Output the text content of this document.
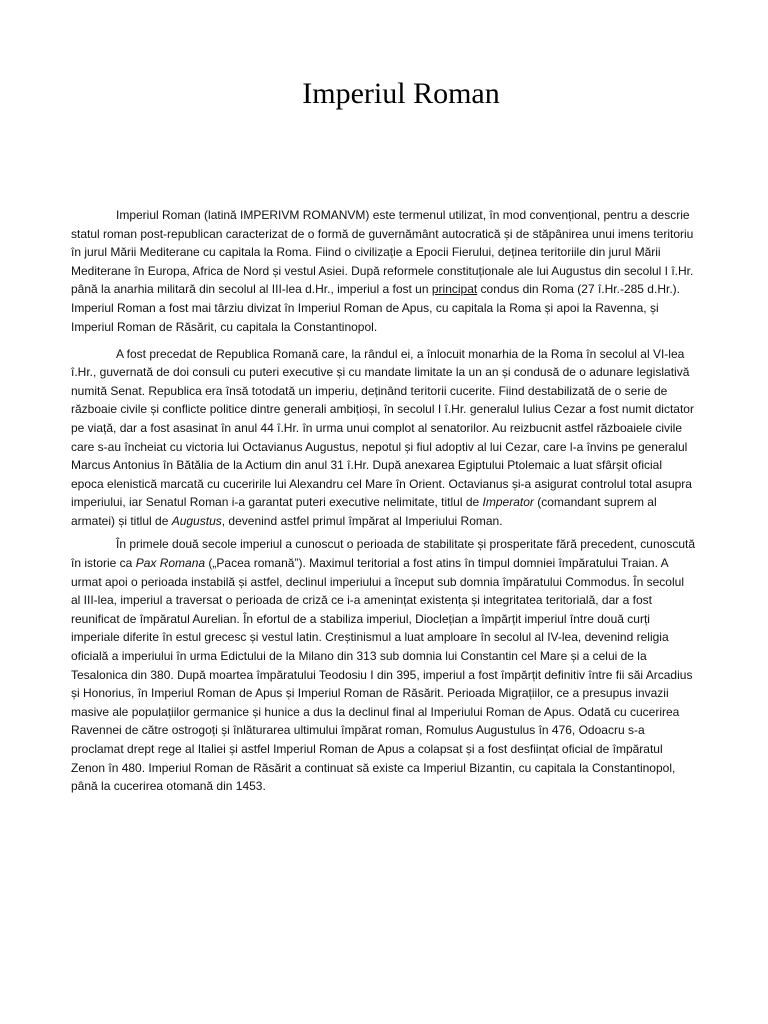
Imperiul Roman

Imperiul Roman (latină IMPERIVM ROMANVM) este termenul utilizat, în mod convențional, pentru a descrie statul roman post-republican caracterizat de o formă de guvernământ autocratică și de stăpânirea unui imens teritoriu în jurul Mării Mediterane cu capitala la Roma. Fiind o civilizație a Epocii Fierului, deținea teritoriile din jurul Mării Mediterane în Europa, Africa de Nord și vestul Asiei. După reformele constituționale ale lui Augustus din secolul I î.Hr. până la anarhia militară din secolul al III-lea d.Hr., imperiul a fost un principat condus din Roma (27 î.Hr.-285 d.Hr.). Imperiul Roman a fost mai târziu divizat în Imperiul Roman de Apus, cu capitala la Roma și apoi la Ravenna, și Imperiul Roman de Răsărit, cu capitala la Constantinopol.

A fost precedat de Republica Romană care, la rândul ei, a înlocuit monarhia de la Roma în secolul al VI-lea î.Hr., guvernată de doi consuli cu puteri executive și cu mandate limitate la un an și condusă de o adunare legislativă numită Senat. Republica era însă totodată un imperiu, deținând teritorii cucerite. Fiind destabilizată de o serie de războaie civile și conflicte politice dintre generali ambițioși, în secolul I î.Hr. generalul Iulius Cezar a fost numit dictator pe viață, dar a fost asasinat în anul 44 î.Hr. în urma unui complot al senatorilor. Au reizbucnit astfel războaiele civile care s-au încheiat cu victoria lui Octavianus Augustus, nepotul și fiul adoptiv al lui Cezar, care l-a învins pe generalul Marcus Antonius în Bătălia de la Actium din anul 31 î.Hr. După anexarea Egiptului Ptolemaic a luat sfârșit oficial epoca elenistică marcată cu cuceririle lui Alexandru cel Mare în Orient. Octavianus și-a asigurat controlul total asupra imperiului, iar Senatul Roman i-a garantat puteri executive nelimitate, titlul de Imperator (comandant suprem al armatei) și titlul de Augustus, devenind astfel primul împărat al Imperiului Roman.

În primele două secole imperiul a cunoscut o perioada de stabilitate și prosperitate fără precedent, cunoscută în istorie ca Pax Romana („Pacea romană”). Maximul teritorial a fost atins în timpul domniei împăratului Traian. A urmat apoi o perioada instabilă și astfel, declinul imperiului a început sub domnia împăratului Commodus. În secolul al III-lea, imperiul a traversat o perioada de criză ce i-a amenințat existența și integritatea teritorială, dar a fost reunificat de împăratul Aurelian. În efortul de a stabiliza imperiul, Dioclețian a împărțit imperiul între două curți imperiale diferite în estul grecesc și vestul latin. Creștinismul a luat amploare în secolul al IV-lea, devenind religia oficială a imperiului în urma Edictului de la Milano din 313 sub domnia lui Constantin cel Mare și a celui de la Tesalonica din 380. După moartea împăratului Teodosiu I din 395, imperiul a fost împărțit definitiv între fii săi Arcadius și Honorius, în Imperiul Roman de Apus și Imperiul Roman de Răsărit. Perioada Migrațiilor, ce a presupus invazii masive ale populațiilor germanice și hunice a dus la declinul final al Imperiului Roman de Apus. Odată cu cucerirea Ravennei de către ostrogoți și înlăturarea ultimului împărat roman, Romulus Augustulus în 476, Odoacru s-a proclamat drept rege al Italiei și astfel Imperiul Roman de Apus a colapsat și a fost desființat oficial de împăratul Zenon în 480. Imperiul Roman de Răsărit a continuat să existe ca Imperiul Bizantin, cu capitala la Constantinopol, până la cucerirea otomană din 1453.
